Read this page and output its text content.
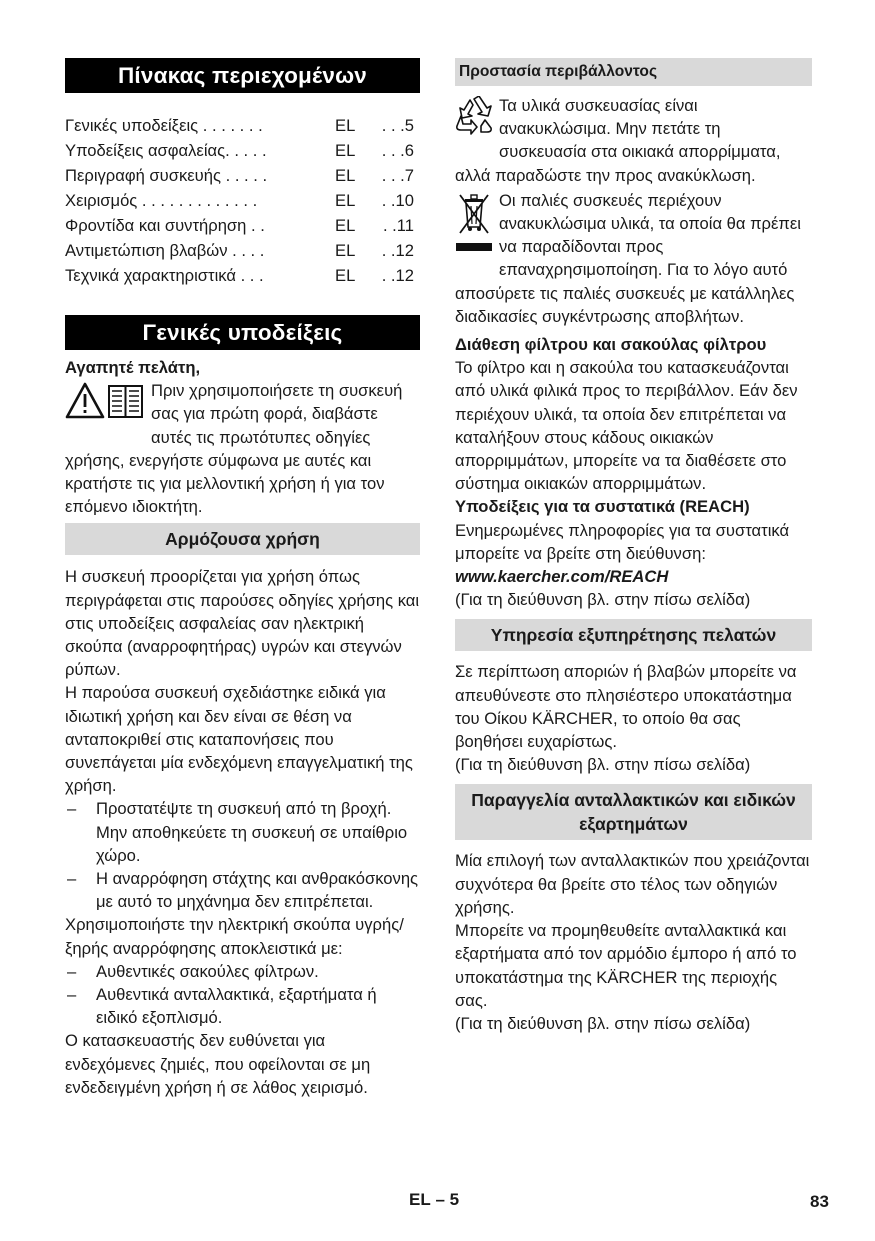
Πίνακας περιεχομένων
Γενικές υποδείξεις . . . . . . .	EL	. . .5
Υποδείξεις ασφαλείας. . . . .	EL	. . .6
Περιγραφή συσκευής . . . . .	EL	. . .7
Χειρισμός . . . . . . . . . . . . .	EL	. .10
Φροντίδα και συντήρηση . .	EL	. .11
Αντιμετώπιση βλαβών . . . .	EL	. .12
Τεχνικά χαρακτηριστικά . . .	EL	. .12
Γενικές υποδείξεις

Αγαπητέ πελάτη,

Πριν χρησιμοποιήσετε τη συσκευή σας για πρώτη φορά, διαβάστε αυτές τις πρωτότυπες οδηγίες χρήσης, ενεργήστε σύμφωνα με αυτές και κρατήστε τις για μελλοντική χρήση ή για τον επόμενο ιδιοκτήτη.

Αρμόζουσα χρήση

Η συσκευή προορίζεται για χρήση όπως περιγράφεται στις παρούσες οδηγίες χρήσης και στις υποδείξεις ασφαλείας σαν ηλεκτρική σκούπα (αναρροφητήρας) υγρών και στεγνών ρύπων.

Η παρούσα συσκευή σχεδιάστηκε ειδικά για ιδιωτική χρήση και δεν είναι σε θέση να ανταποκριθεί στις καταπονήσεις που συνεπάγεται μία ενδεχόμενη επαγγελματική της χρήση.

–	Προστατέψτε τη συσκευή από τη βροχή. Μην αποθηκεύετε τη συσκευή σε υπαίθριο χώρο.
–	Η αναρρόφηση στάχτης και ανθρακόσκονης με αυτό το μηχάνημα δεν επιτρέπεται.

Χρησιμοποιήστε την ηλεκτρική σκούπα υγρής/ξηρής αναρρόφησης αποκλειστικά με:

–	Αυθεντικές σακούλες φίλτρων.
–	Αυθεντικά ανταλλακτικά, εξαρτήματα ή ειδικό εξοπλισμό.

Ο κατασκευαστής δεν ευθύνεται για ενδεχόμενες ζημιές, που οφείλονται σε μη ενδεδειγμένη χρήση ή σε λάθος χειρισμό.

Προστασία περιβάλλοντος

Τα υλικά συσκευασίας είναι ανακυκλώσιμα. Μην πετάτε τη συσκευασία στα οικιακά απορρίμματα, αλλά παραδώστε την προς ανακύκλωση.

Οι παλιές συσκευές περιέχουν ανακυκλώσιμα υλικά, τα οποία θα πρέπει να παραδίδονται προς επαναχρησιμοποίηση. Για το λόγο αυτό αποσύρετε τις παλιές συσκευές με κατάλληλες διαδικασίες συγκέντρωσης αποβλήτων.

Διάθεση φίλτρου και σακούλας φίλτρου

Το φίλτρο και η σακούλα του κατασκευάζονται από υλικά φιλικά προς το περιβάλλον. Εάν δεν περιέχουν υλικά, τα οποία δεν επιτρέπεται να καταλήξουν στους κάδους οικιακών απορριμμάτων, μπορείτε να τα διαθέσετε στο σύστημα οικιακών απορριμμάτων.

Υποδείξεις για τα συστατικά (REACH)

Ενημερωμένες πληροφορίες για τα συστατικά μπορείτε να βρείτε στη διεύθυνση:

www.kaercher.com/REACH

(Για τη διεύθυνση βλ. στην πίσω σελίδα)

Υπηρεσία εξυπηρέτησης πελατών

Σε περίπτωση αποριών ή βλαβών μπορείτε να απευθύνεστε στο πλησιέστερο υποκατάστημα του Οίκου KÄRCHER, το οποίο θα σας βοηθήσει ευχαρίστως.

(Για τη διεύθυνση βλ. στην πίσω σελίδα)

Παραγγελία ανταλλακτικών και ειδικών εξαρτημάτων

Μία επιλογή των ανταλλακτικών που χρειάζονται συχνότερα θα βρείτε στο τέλος των οδηγιών χρήσης.

Μπορείτε να προμηθευθείτε ανταλλακτικά και εξαρτήματα από τον αρμόδιο έμπορο ή από το υποκατάστημα της KÄRCHER της περιοχής σας.

(Για τη διεύθυνση βλ. στην πίσω σελίδα)

EL – 5	83
